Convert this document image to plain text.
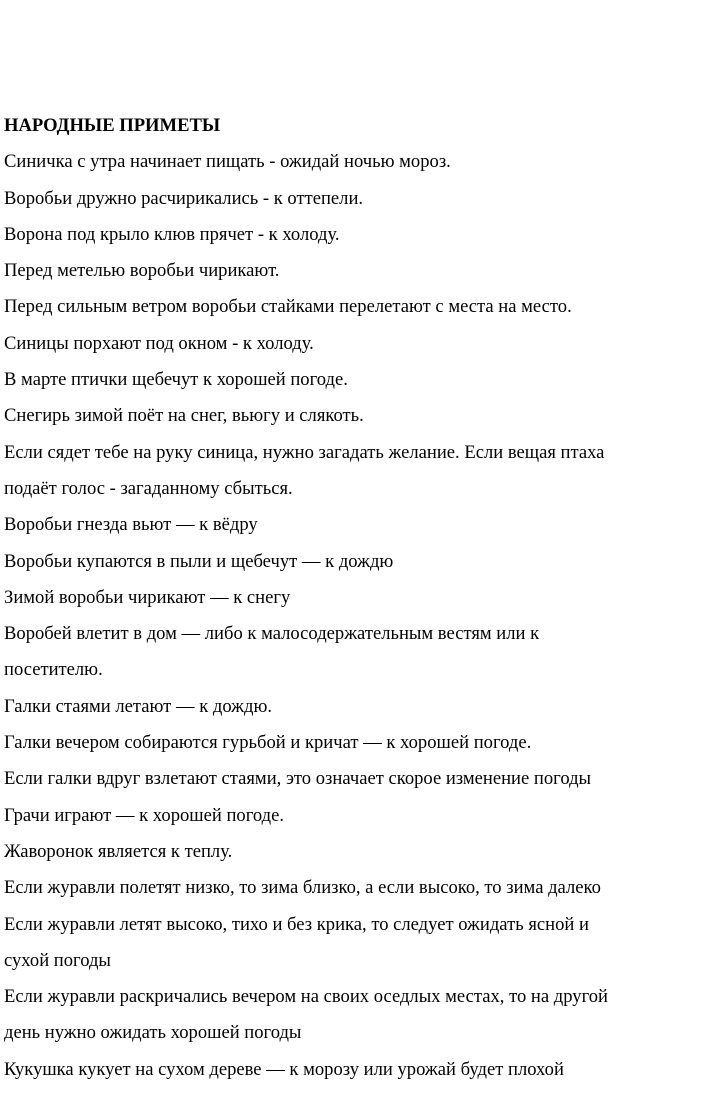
НАРОДНЫЕ ПРИМЕТЫ

Синичка с утра начинает пищать - ожидай ночью мороз.

Воробьи дружно расчирикались - к оттепели.

Ворона под крыло клюв прячет - к холоду.

Перед метелью воробьи чирикают.

Перед сильным ветром воробьи стайками перелетают с места на место.

Синицы порхают под окном - к холоду.

В марте птички щебечут к хорошей погоде.

Снегирь зимой поёт на снег, вьюгу и слякоть.

Если сядет тебе на руку синица, нужно загадать желание. Если вещая птаха

подаёт голос - загаданному сбыться.

Воробьи гнезда вьют — к вёдру

Воробьи купаются в пыли и щебечут — к дождю

Зимой воробьи чирикают — к снегу

Воробей влетит в дом — либо к малосодержательным вестям или к

посетителю.

Галки стаями летают — к дождю.

Галки вечером собираются гурьбой и кричат — к хорошей погоде.

Если галки вдруг взлетают стаями, это означает скорое изменение погоды

Грачи играют — к хорошей погоде.

Жаворонок является к теплу.

Если журавли полетят низко, то зима близко, а если высоко, то зима далеко

Если журавли летят высоко, тихо и без крика, то следует ожидать ясной и

сухой погоды

Если журавли раскричались вечером на своих оседлых местах, то на другой

день нужно ожидать хорошей погоды

Кукушка кукует на сухом дереве — к морозу или урожай будет плохой
